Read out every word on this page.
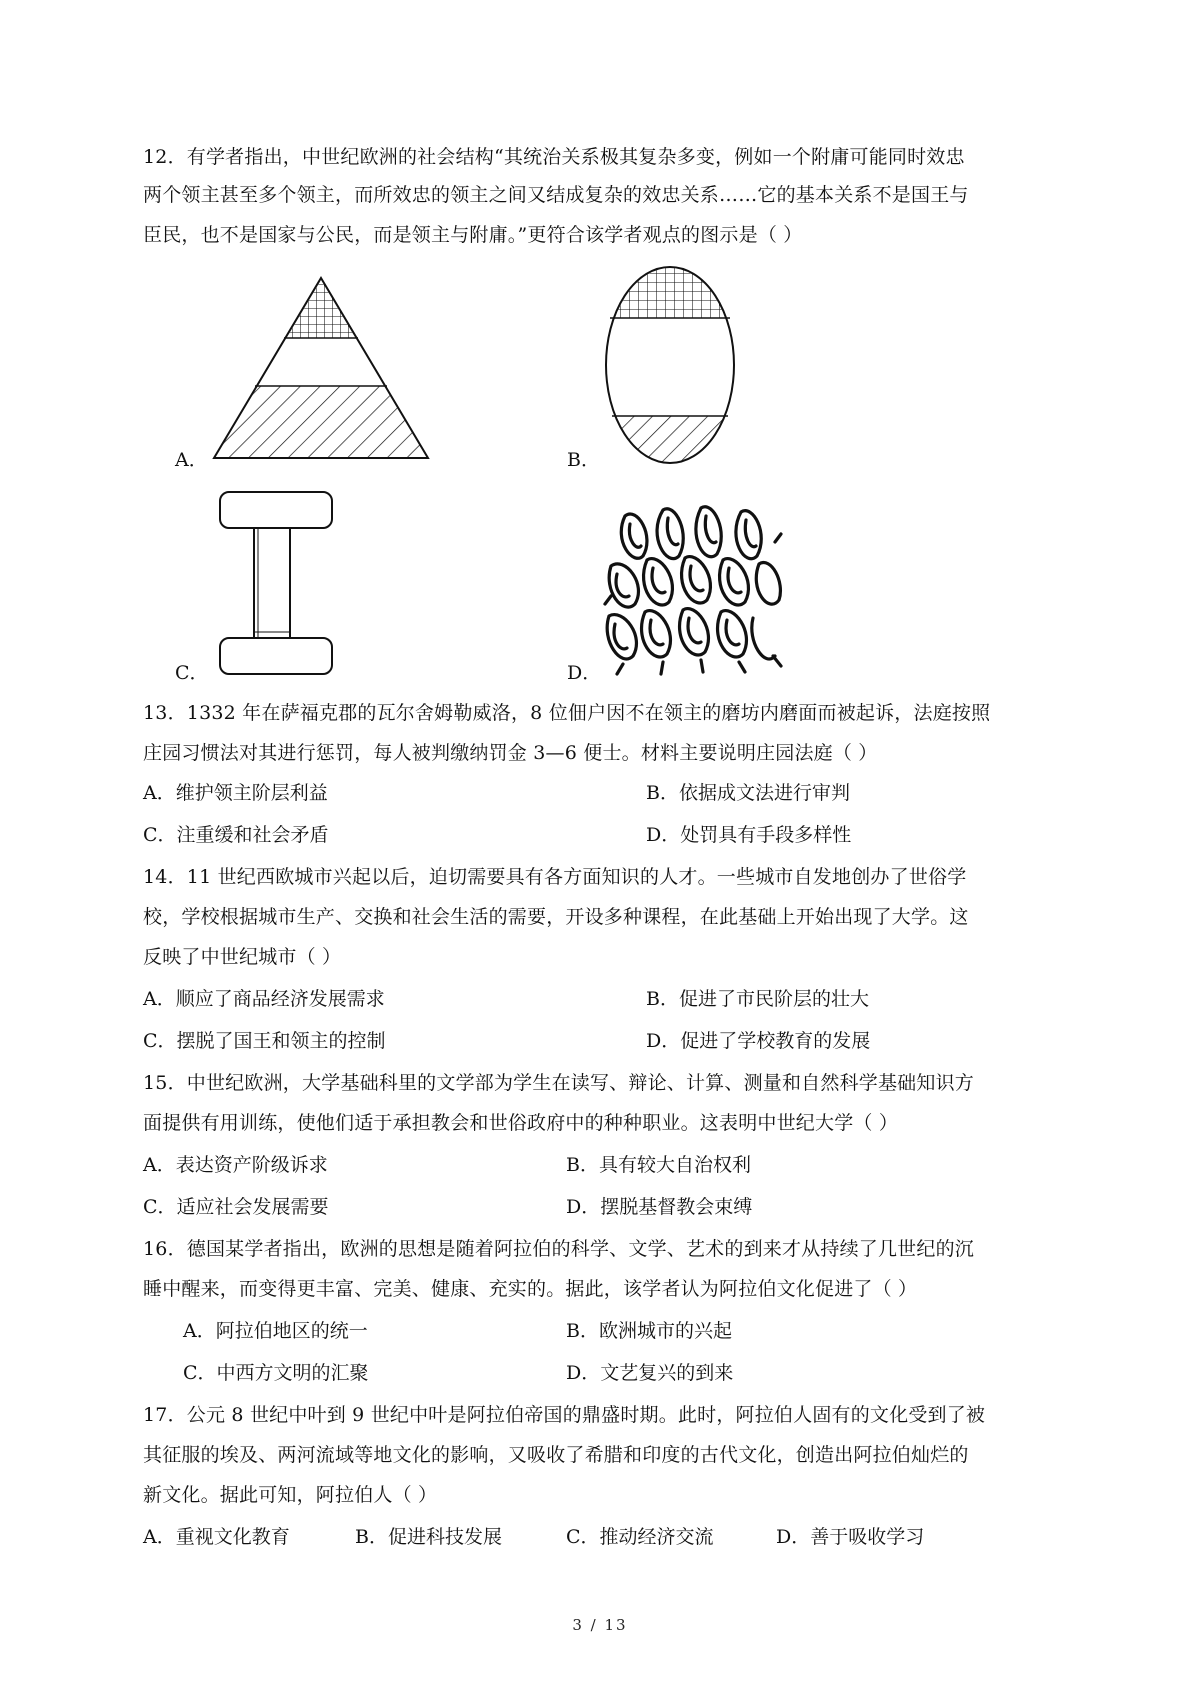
12．有学者指出，中世纪欧洲的社会结构“其统治关系极其复杂多变，例如一个附庸可能同时效忠
两个领主甚至多个领主，而所效忠的领主之间又结成复杂的效忠关系……它的基本关系不是国王与
臣民，也不是国家与公民，而是领主与附庸。”更符合该学者观点的图示是（ ）
A．	B．
C．	D．
13．1332 年在萨福克郡的瓦尔舍姆勒威洛，8 位佃户因不在领主的磨坊内磨面而被起诉，法庭按照
庄园习惯法对其进行惩罚，每人被判缴纳罚金 3—6 便士。材料主要说明庄园法庭（ ）
A．维护领主阶层利益	B．依据成文法进行审判
C．注重缓和社会矛盾	D．处罚具有手段多样性
14．11 世纪西欧城市兴起以后，迫切需要具有各方面知识的人才。一些城市自发地创办了世俗学
校，学校根据城市生产、交换和社会生活的需要，开设多种课程，在此基础上开始出现了大学。这
反映了中世纪城市（ ）
A．顺应了商品经济发展需求	B．促进了市民阶层的壮大
C．摆脱了国王和领主的控制	D．促进了学校教育的发展
15．中世纪欧洲，大学基础科里的文学部为学生在读写、辩论、计算、测量和自然科学基础知识方
面提供有用训练，使他们适于承担教会和世俗政府中的种种职业。这表明中世纪大学（ ）
A．表达资产阶级诉求	B．具有较大自治权利
C．适应社会发展需要	D．摆脱基督教会束缚
16．德国某学者指出，欧洲的思想是随着阿拉伯的科学、文学、艺术的到来才从持续了几世纪的沉
睡中醒来，而变得更丰富、完美、健康、充实的。据此，该学者认为阿拉伯文化促进了（ ）
A．阿拉伯地区的统一	B．欧洲城市的兴起
C．中西方文明的汇聚	D．文艺复兴的到来
17．公元 8 世纪中叶到 9 世纪中叶是阿拉伯帝国的鼎盛时期。此时，阿拉伯人固有的文化受到了被
其征服的埃及、两河流域等地文化的影响，又吸收了希腊和印度的古代文化，创造出阿拉伯灿烂的
新文化。据此可知，阿拉伯人（ ）
A．重视文化教育	B．促进科技发展	C．推动经济交流	D．善于吸收学习
3 / 13
